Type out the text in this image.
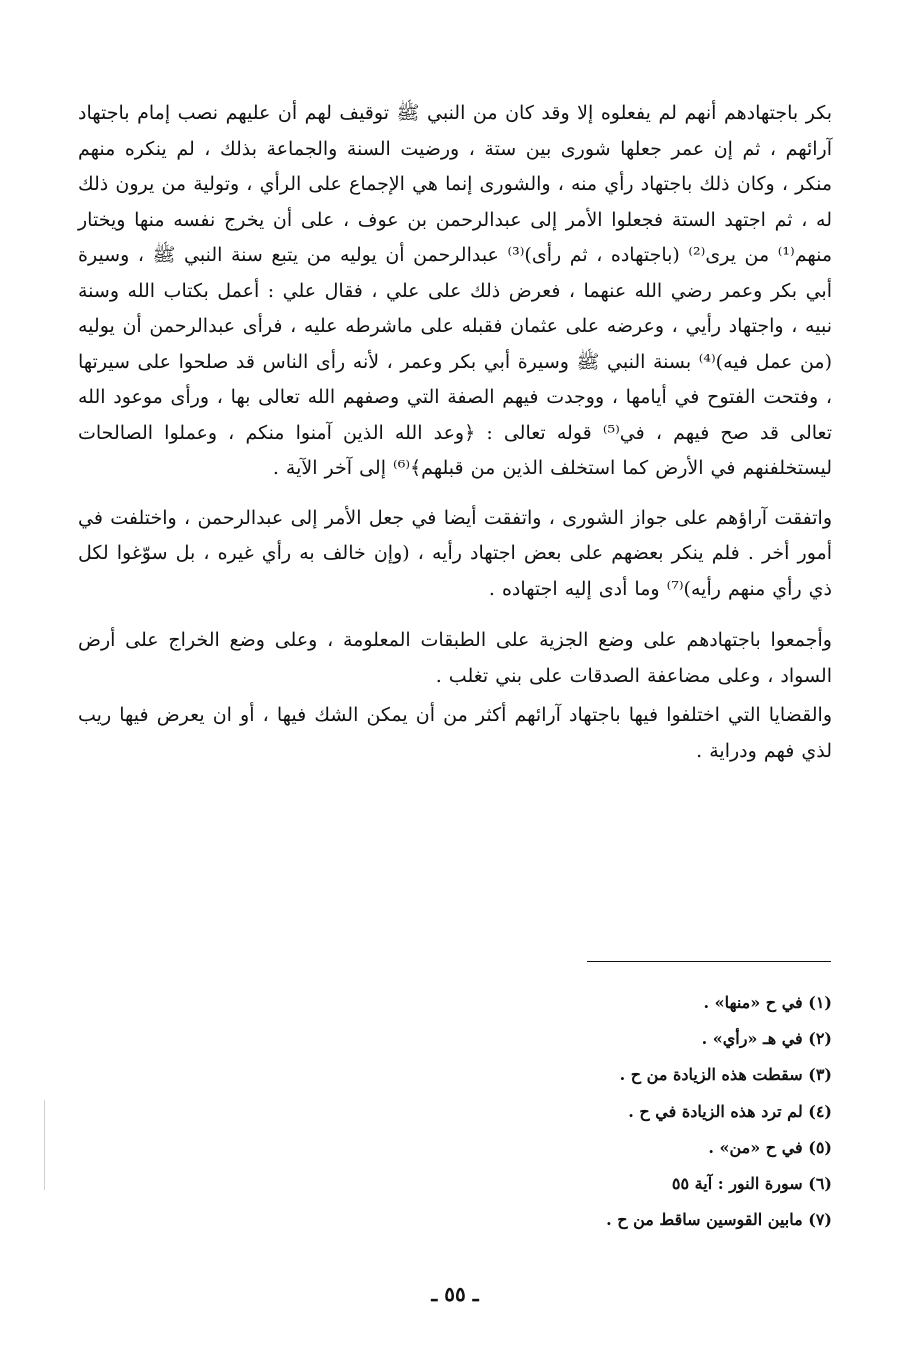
بكر باجتهادهم أنهم لم يفعلوه إلا وقد كان من النبي ﷺ توقيف لهم أن عليهم نصب إمام باجتهاد آرائهم ، ثم إن عمر جعلها شورى بين ستة ، ورضيت السنة والجماعة بذلك ، لم ينكره منهم منكر ، وكان ذلك باجتهاد رأي منه ، والشورى إنما هي الإجماع على الرأي ، وتولية من يرون ذلك له ، ثم اجتهد الستة فجعلوا الأمر إلى عبدالرحمن بن عوف ، على أن يخرج نفسه منها ويختار منهم⁽¹⁾ من يرى⁽²⁾ (باجتهاده ، ثم رأى)⁽³⁾ عبدالرحمن أن يوليه من يتبع سنة النبي ﷺ ، وسيرة أبي بكر وعمر رضي الله عنهما ، فعرض ذلك على علي ، فقال علي : أعمل بكتاب الله وسنة نبيه ، واجتهاد رأيي ، وعرضه على عثمان فقبله على ماشرطه عليه ، فرأى عبدالرحمن أن يوليه (من عمل فيه)⁽⁴⁾ بسنة النبي ﷺ وسيرة أبي بكر وعمر ، لأنه رأى الناس قد صلحوا على سيرتها ، وفتحت الفتوح في أيامها ، ووجدت فيهم الصفة التي وصفهم الله تعالى بها ، ورأى موعود الله تعالى قد صح فيهم ، في⁽⁵⁾ قوله تعالى : ﴿وعد الله الذين آمنوا منكم ، وعملوا الصالحات ليستخلفنهم في الأرض كما استخلف الذين من قبلهم﴾⁽⁶⁾ إلى آخر الآية .

واتفقت آراؤهم على جواز الشورى ، واتفقت أيضا في جعل الأمر إلى عبدالرحمن ، واختلفت في أمور أخر . فلم ينكر بعضهم على بعض اجتهاد رأيه ، (وإن خالف به رأي غيره ، بل سوّغوا لكل ذي رأي منهم رأيه)⁽⁷⁾ وما أدى إليه اجتهاده .

وأجمعوا باجتهادهم على وضع الجزية على الطبقات المعلومة ، وعلى وضع الخراج على أرض السواد ، وعلى مضاعفة الصدقات على بني تغلب .

والقضايا التي اختلفوا فيها باجتهاد آرائهم أكثر من أن يمكن الشك فيها ، أو ان يعرض فيها ريب لذي فهم ودراية .

(١) في ح «منها» .
(٢) في هـ «رأي» .
(٣) سقطت هذه الزيادة من ح .
(٤) لم ترد هذه الزيادة في ح .
(٥) في ح «من» .
(٦) سورة النور : آية ٥٥
(٧) مابين القوسين ساقط من ح .
ـ ٥٥ ـ
